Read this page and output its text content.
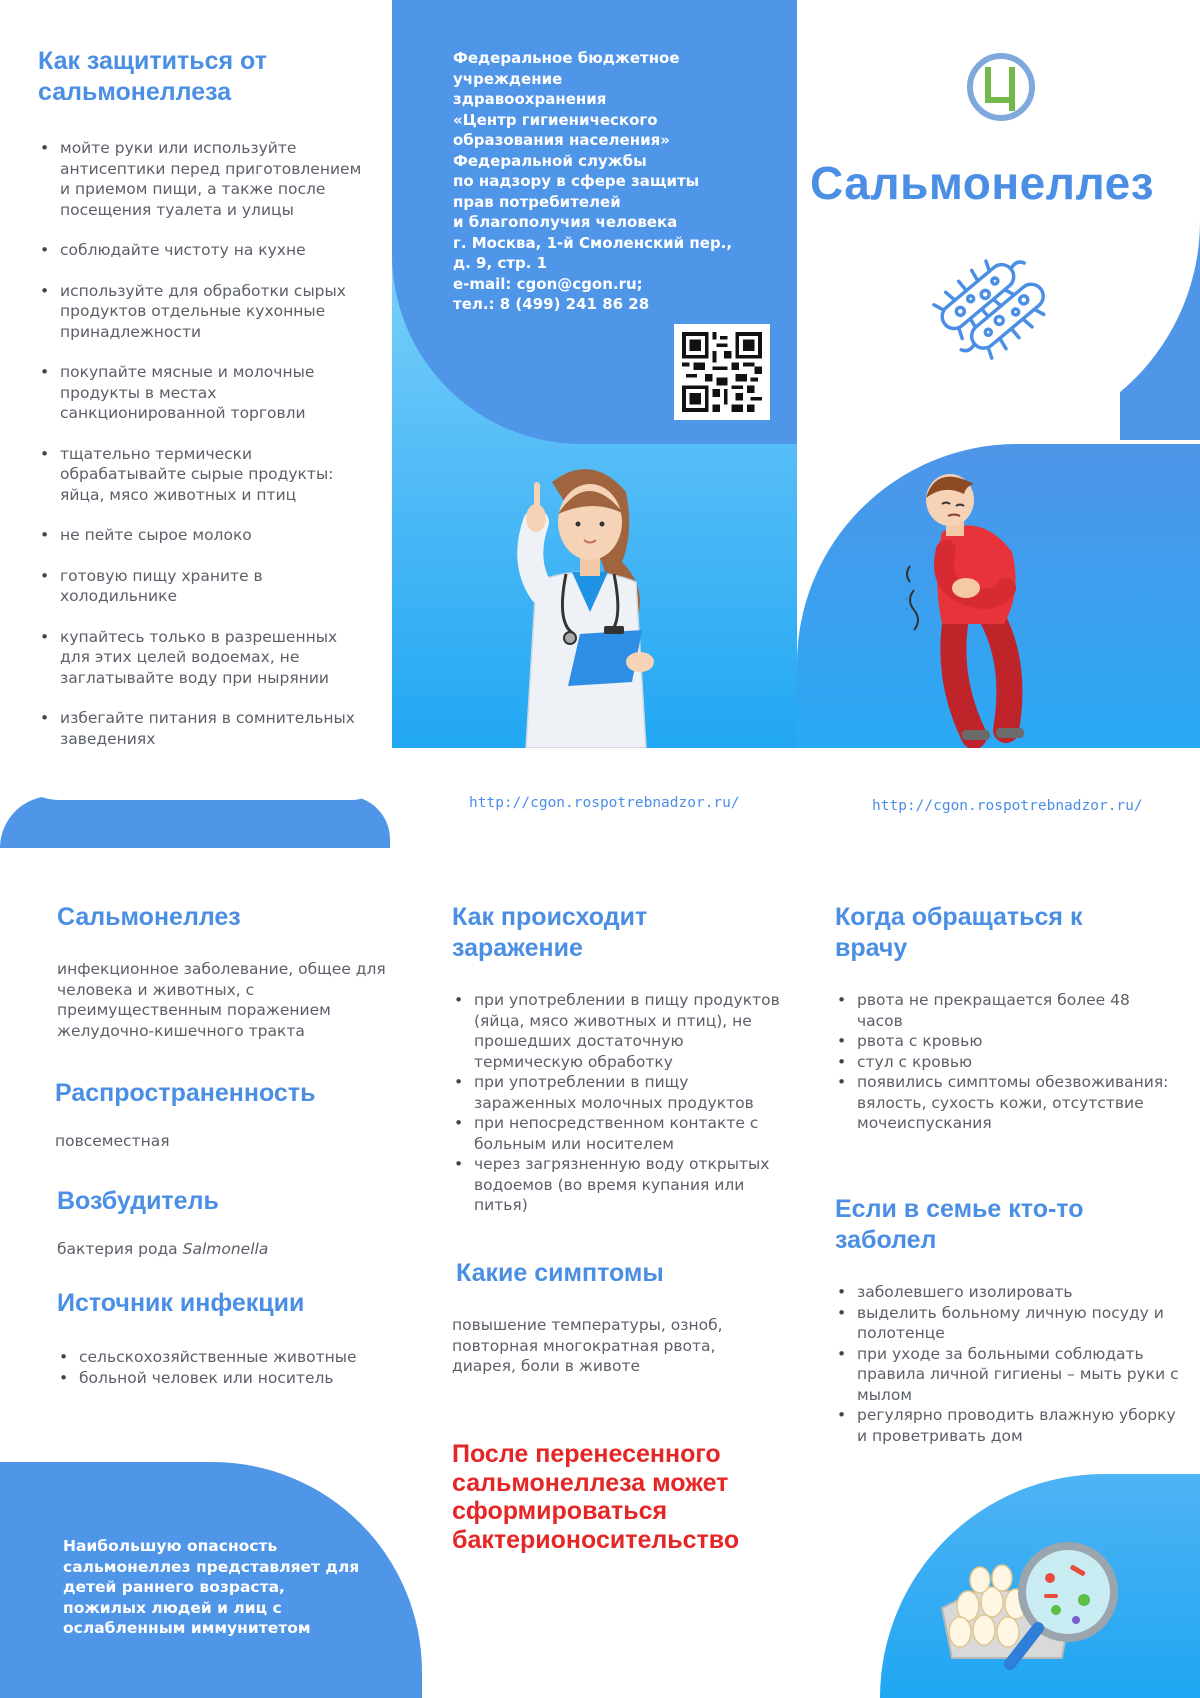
Как защититься от сальмонеллеза
• мойте руки или используйте антисептики перед приготовлением и приемом пищи, а также после посещения туалета и улицы
• соблюдайте чистоту на кухне
• используйте для обработки сырых продуктов отдельные кухонные принадлежности
• покупайте мясные и молочные продукты в местах санкционированной торговли
• тщательно термически обрабатывайте сырые продукты: яйца, мясо животных и птиц
• не пейте сырое молоко
• готовую пищу храните в холодильнике
• купайтесь только в разрешенных для этих целей водоемах, не заглатывайте воду при нырянии
• избегайте питания в сомнительных заведениях
Федеральное бюджетное
учреждение
здравоохранения
«Центр гигиенического
образования населения»
Федеральной службы
по надзору в сфере защиты
прав потребителей
и благополучия человека
г. Москва, 1-й Смоленский пер.,
д. 9, стр. 1
e-mail: cgon@cgon.ru;
тел.: 8 (499) 241 86 28
Сальмонеллез
http://cgon.rospotrebnadzor.ru/	http://cgon.rospotrebnadzor.ru/
Сальмонеллез

инфекционное заболевание, общее для человека и животных, с преимущественным поражением желудочно-кишечного тракта

Распространенность

повсеместная

Возбудитель

бактерия рода Salmonella

Источник инфекции
• сельскохозяйственные животные
• больной человек или носитель

Наибольшую опасность сальмонеллез представляет для детей раннего возраста, пожилых людей и лиц с ослабленным иммунитетом

Как происходит заражение
• при употреблении в пищу продуктов (яйца, мясо животных и птиц), не прошедших достаточную термическую обработку
• при употреблении в пищу зараженных молочных продуктов
• при непосредственном контакте с больным или носителем
• через загрязненную воду открытых водоемов (во время купания или питья)
Какие симптомы

повышение температуры, озноб, повторная многократная рвота, диарея, боли в животе

После перенесенного сальмонеллеза может сформироваться бактерионосительство

Когда обращаться к врачу
• рвота не прекращается более 48 часов
• рвота с кровью
• стул с кровью
• появились симптомы обезвоживания: вялость, сухость кожи, отсутствие мочеиспускания
Если в семье кто-то заболел
• заболевшего изолировать
• выделить больному личную посуду и полотенце
• при уходе за больными соблюдать правила личной гигиены – мыть руки с мылом
• регулярно проводить влажную уборку и проветривать дом
